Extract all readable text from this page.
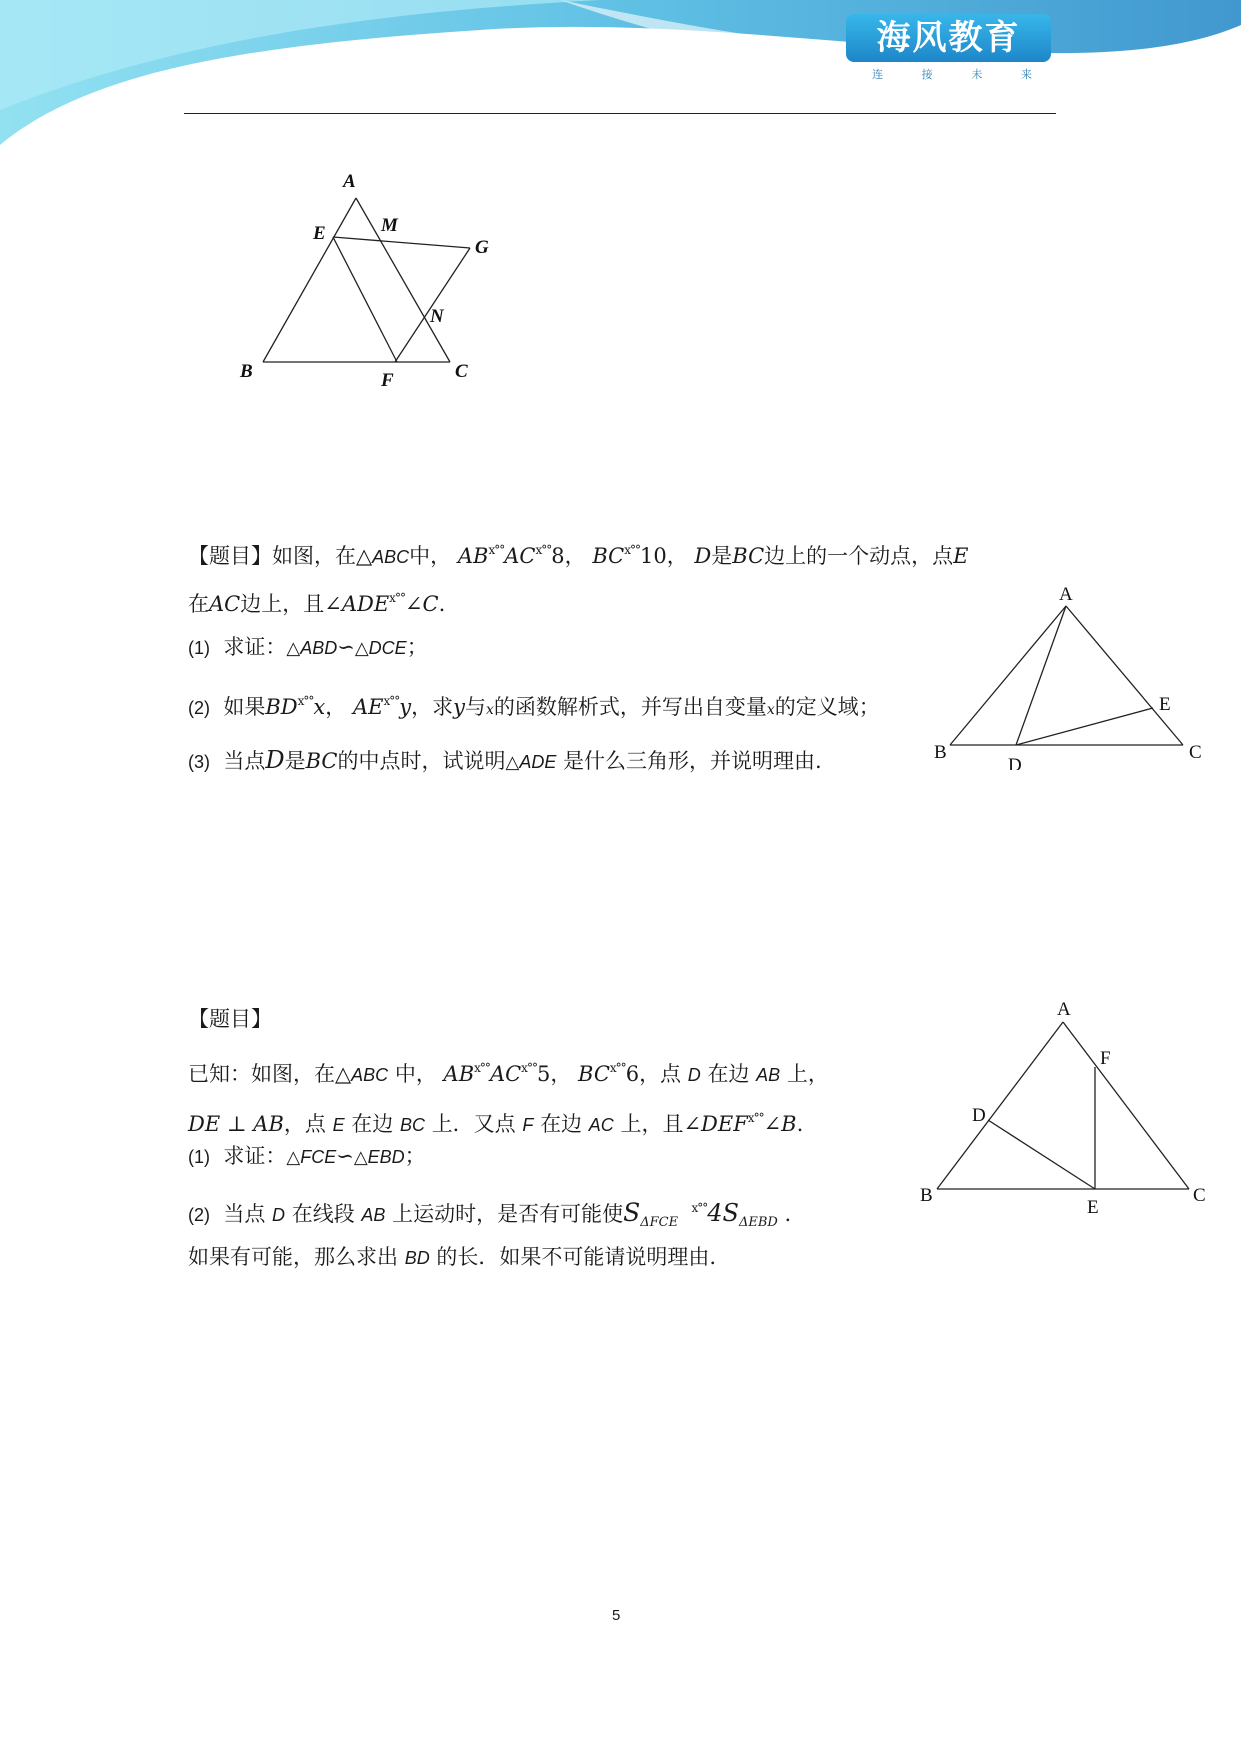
海风教育
连	接	未	来
A
M
E
G
N
B	F	C
【题目】如图，在△ABC中， $AB^{x^\circ^\circ}AC^{x^\circ^\circ}8$， $BC^{x^\circ^\circ}10$， D是BC边上的一个动点，点E
在AC边上，且$\angle ADE^{x^\circ^\circ}\angle C$.
(1) 求证：△ABD∽△DCE；
(2) 如果$BD^{x^\circ^\circ}x$， $AE^{x^\circ^\circ}y$，求y与x的函数解析式，并写出自变量x的定义域；
(3) 当点D是BC的中点时，试说明△ADE 是什么三角形，并说明理由.
A
E
B
D
C
【题目】
已知：如图，在△ABC 中， $AB^{x^\circ^\circ}AC^{x^\circ^\circ}5$， $BC^{x^\circ^\circ}6$，点 D 在边 AB 上，
DE ⊥ AB，点 E 在边 BC 上．又点 F 在边 AC 上，且$\angle DEF^{x^\circ^\circ}\angle B$.
(1) 求证：△FCE∽△EBD；
(2) 当点 D 在线段 AB 上运动时，是否有可能使$S_{\Delta FCE}$  $^{x^\circ^\circ}4S_{\Delta EBD}$ .
如果有可能，那么求出 BD 的长．如果不可能请说明理由.
A
F
D
B
E
C
5
